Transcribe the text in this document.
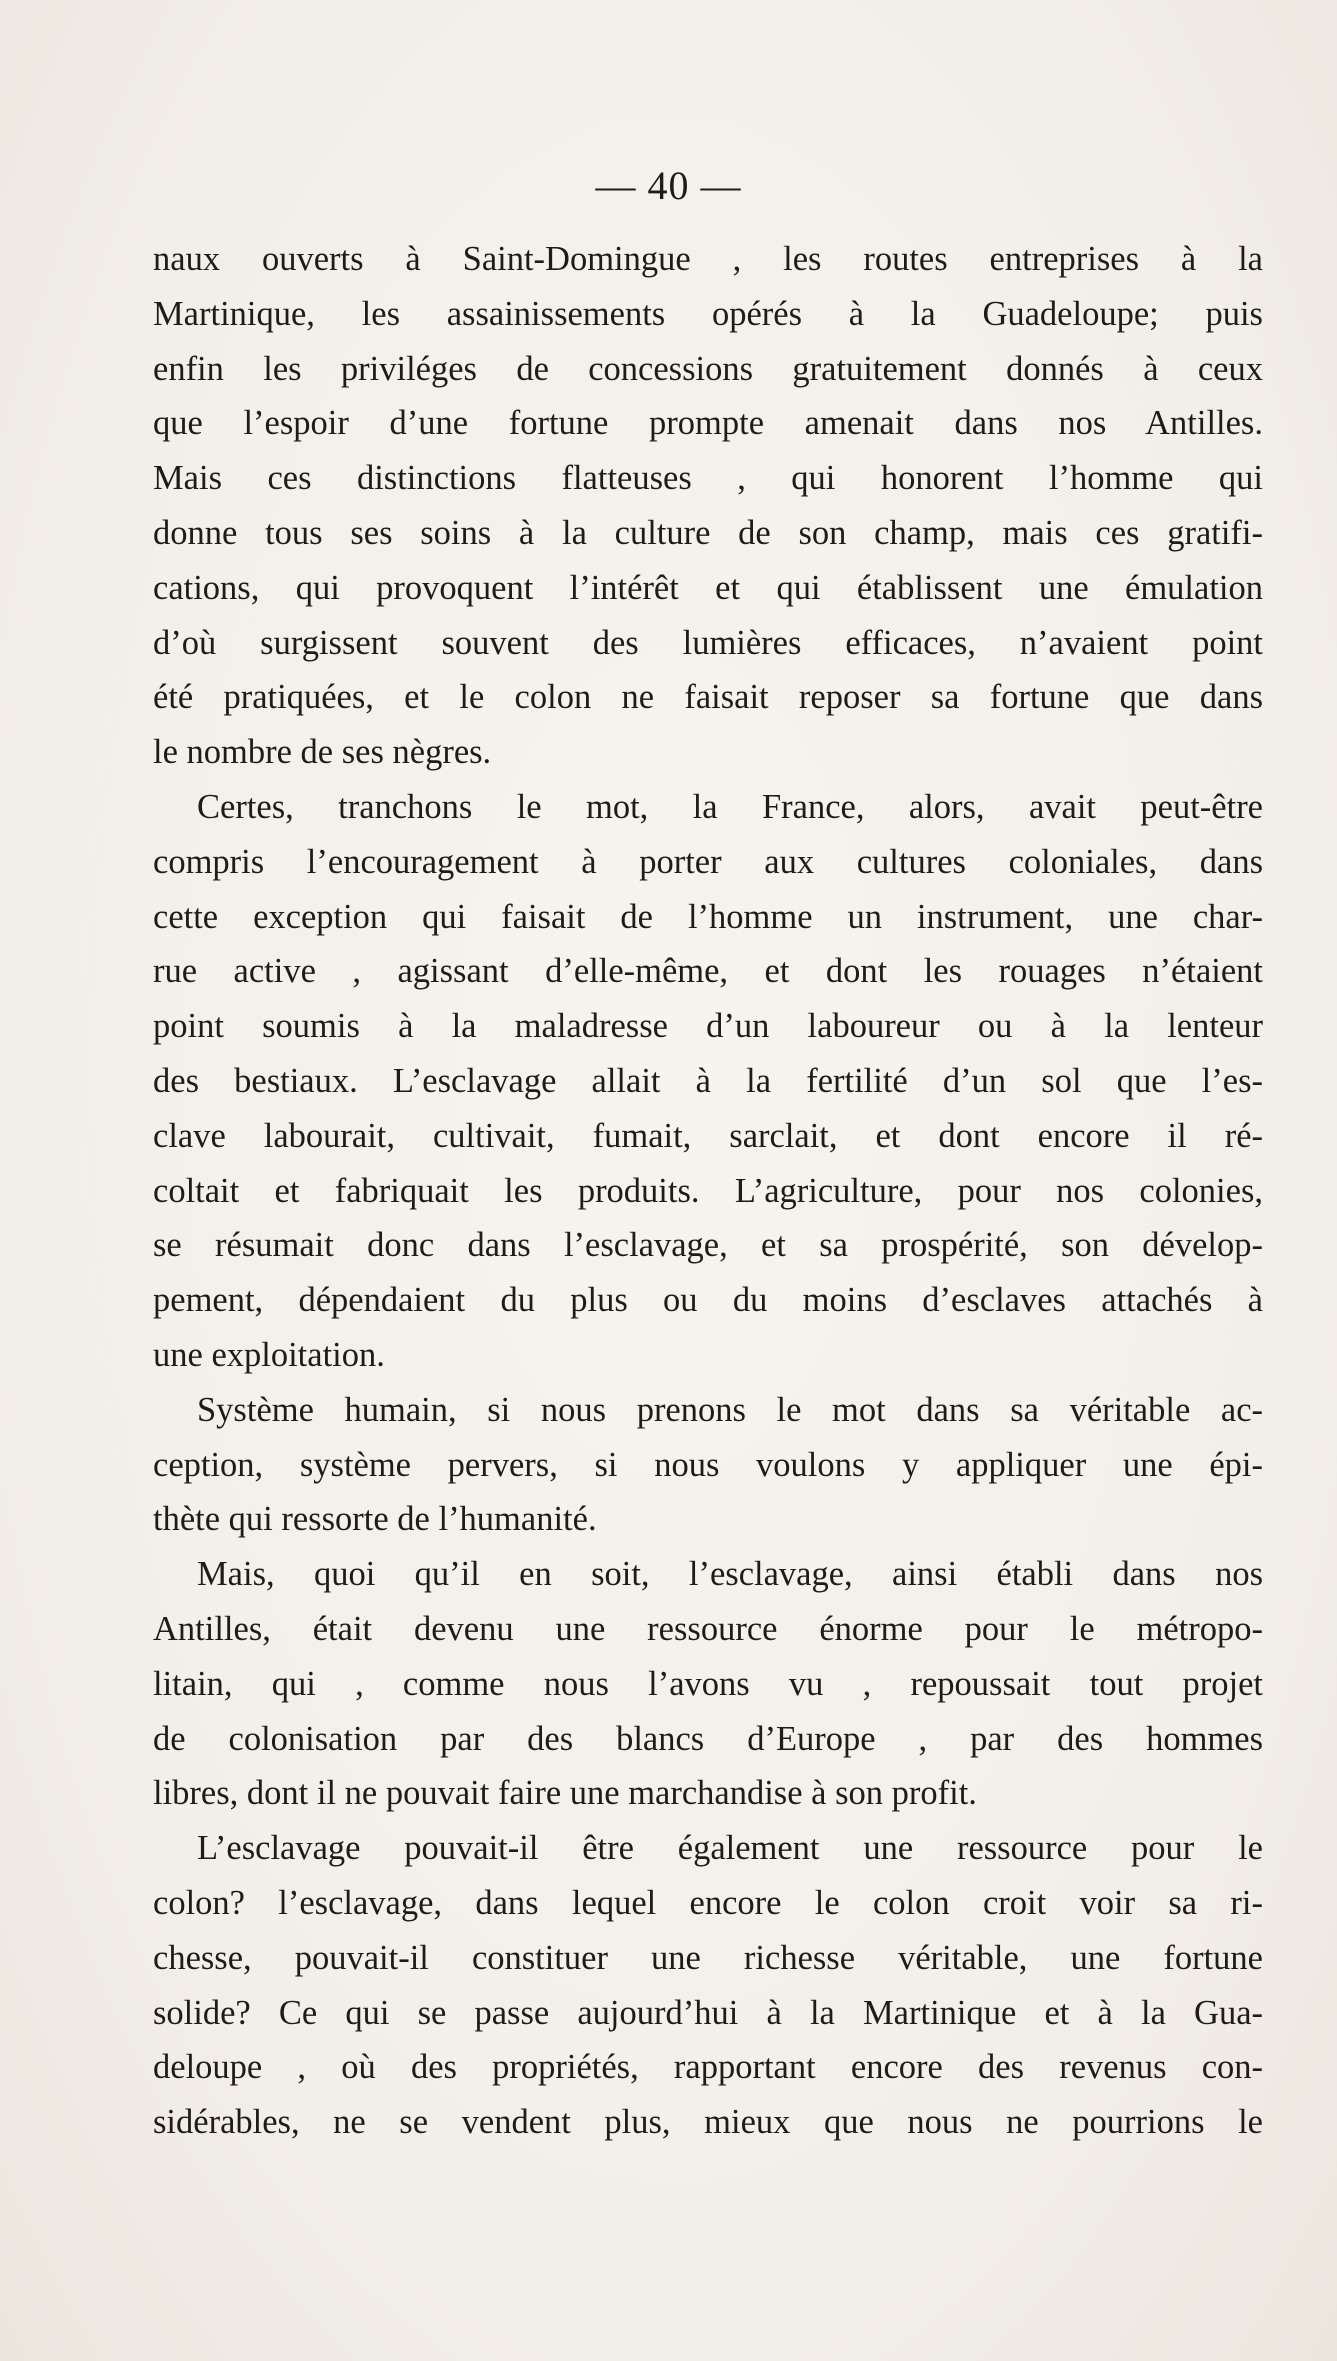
— 40 —
naux ouverts à Saint-Domingue , les routes entreprises à la
Martinique, les assainissements opérés à la Guadeloupe; puis
enfin les priviléges de concessions gratuitement donnés à ceux
que l’espoir d’une fortune prompte amenait dans nos Antilles.
Mais ces distinctions flatteuses , qui honorent l’homme qui
donne tous ses soins à la culture de son champ, mais ces gratifi-
cations, qui provoquent l’intérêt et qui établissent une émulation
d’où surgissent souvent des lumières efficaces, n’avaient point
été pratiquées, et le colon ne faisait reposer sa fortune que dans
le nombre de ses nègres.
Certes, tranchons le mot, la France, alors, avait peut-être
compris l’encouragement à porter aux cultures coloniales, dans
cette exception qui faisait de l’homme un instrument, une char-
rue active , agissant d’elle-même, et dont les rouages n’étaient
point soumis à la maladresse d’un laboureur ou à la lenteur
des bestiaux. L’esclavage allait à la fertilité d’un sol que l’es-
clave labourait, cultivait, fumait, sarclait, et dont encore il ré-
coltait et fabriquait les produits. L’agriculture, pour nos colonies,
se résumait donc dans l’esclavage, et sa prospérité, son dévelop-
pement, dépendaient du plus ou du moins d’esclaves attachés à
une exploitation.
Système humain, si nous prenons le mot dans sa véritable ac-
ception, système pervers, si nous voulons y appliquer une épi-
thète qui ressorte de l’humanité.
Mais, quoi qu’il en soit, l’esclavage, ainsi établi dans nos
Antilles, était devenu une ressource énorme pour le métropo-
litain, qui , comme nous l’avons vu , repoussait tout projet
de colonisation par des blancs d’Europe , par des hommes
libres, dont il ne pouvait faire une marchandise à son profit.
L’esclavage pouvait-il être également une ressource pour le
colon? l’esclavage, dans lequel encore le colon croit voir sa ri-
chesse, pouvait-il constituer une richesse véritable, une fortune
solide? Ce qui se passe aujourd’hui à la Martinique et à la Gua-
deloupe , où des propriétés, rapportant encore des revenus con-
sidérables, ne se vendent plus, mieux que nous ne pourrions le
